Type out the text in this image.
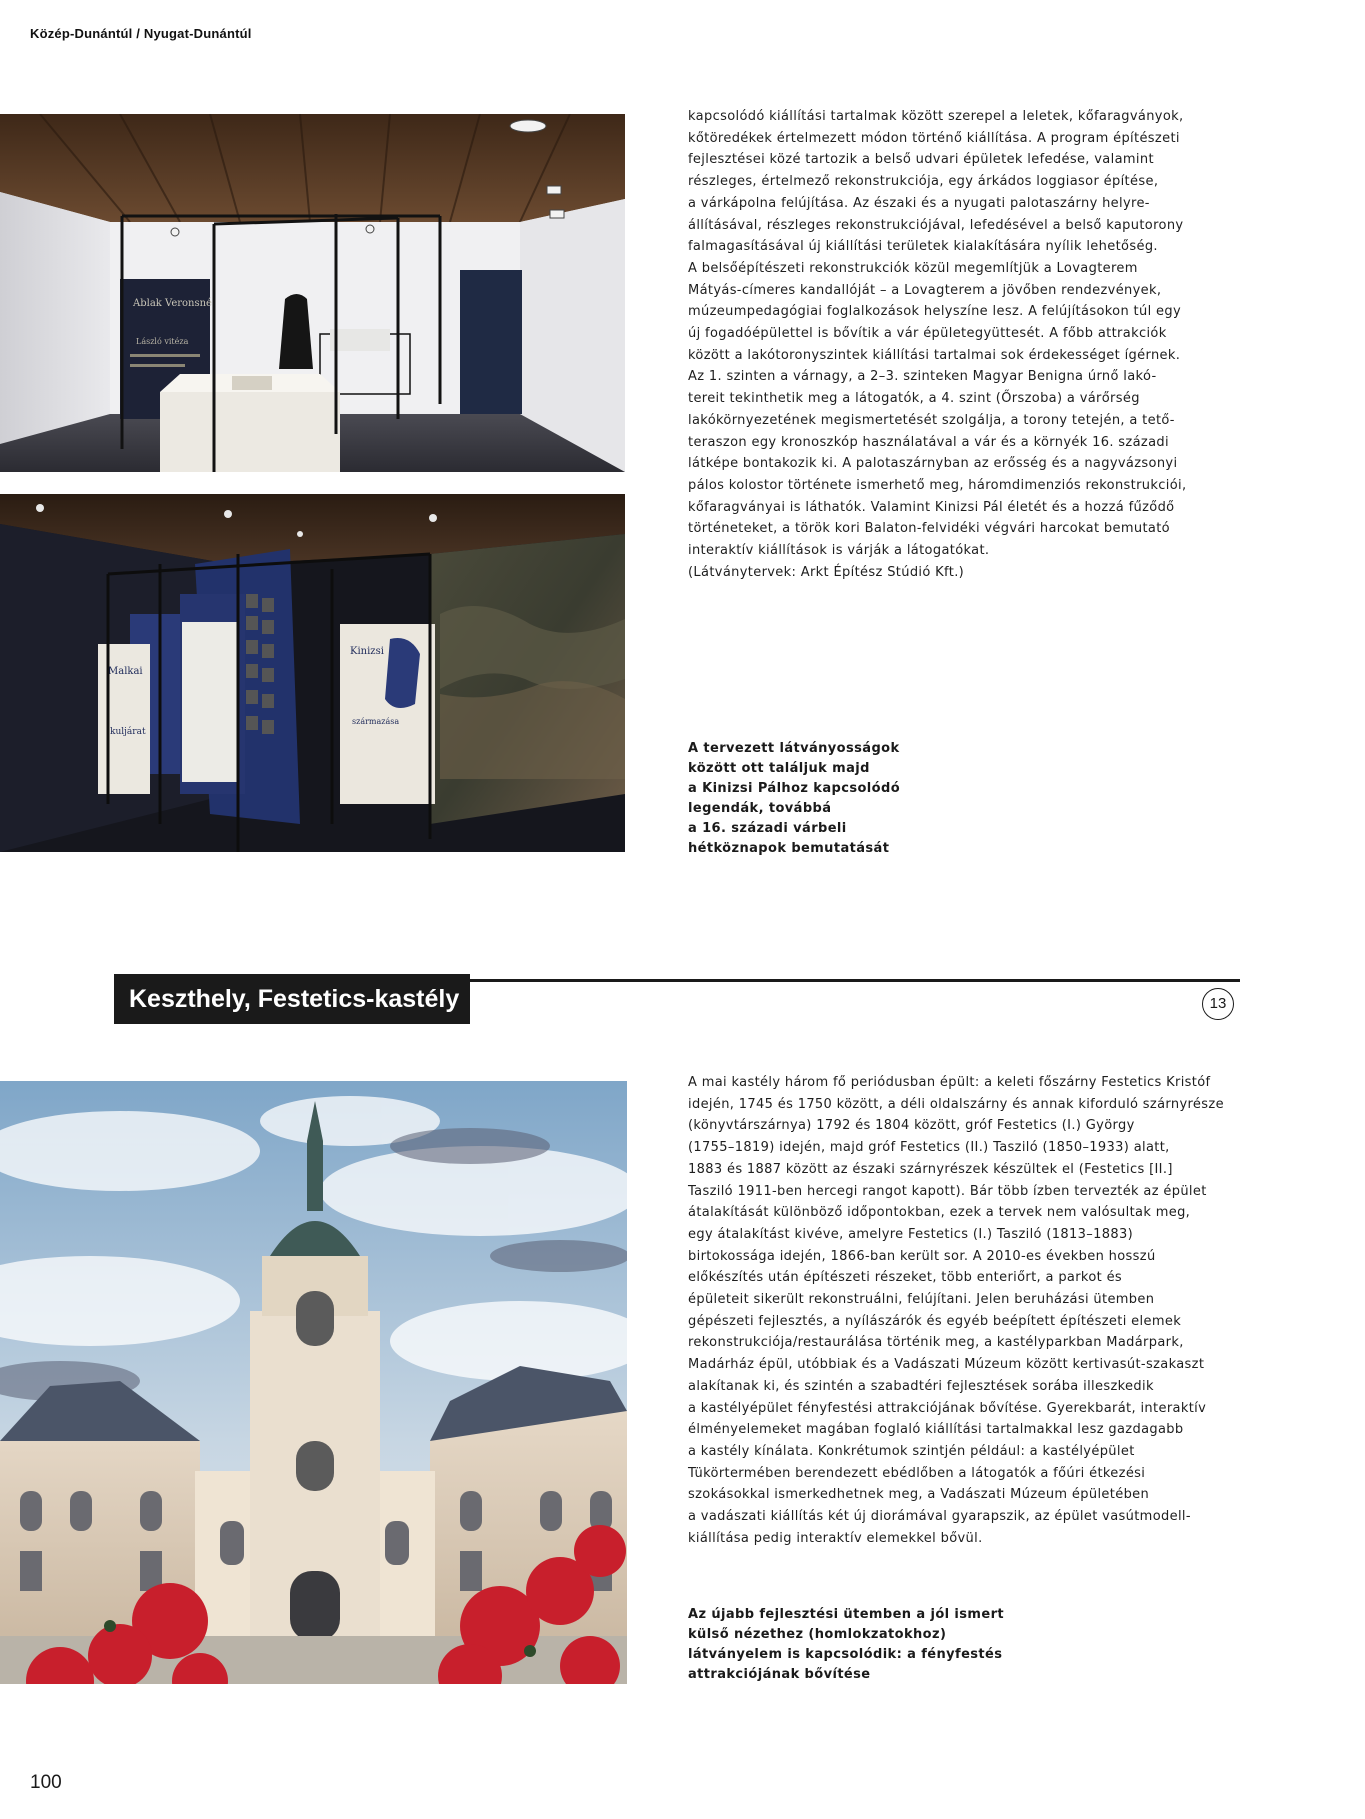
Közép-Dunántúl / Nyugat-Dunántúl
Ablak Veronsné
László vitéza
Malkai
kuljárat
Kinizsi
származása

kapcsolódó kiállítási tartalmak között szerepel a leletek, kőfaragványok,
kőtöredékek értelmezett módon történő kiállítása. A program építészeti
fejlesztései közé tartozik a belső udvari épületek lefedése, valamint
részleges, értelmező rekonstrukciója, egy árkádos loggiasor építése,
a várkápolna felújítása. Az északi és a nyugati palotaszárny helyre-
állításával, részleges rekonstrukciójával, lefedésével a belső kaputorony
falmagasításával új kiállítási területek kialakítására nyílik lehetőség.
A belsőépítészeti rekonstrukciók közül megemlítjük a Lovagterem
Mátyás-címeres kandallóját – a Lovagterem a jövőben rendezvények,
múzeumpedagógiai foglalkozások helyszíne lesz. A felújításokon túl egy
új fogadóépülettel is bővítik a vár épületegyüttesét. A főbb attrakciók
között a lakótoronyszintek kiállítási tartalmai sok érdekességet ígérnek.
Az 1. szinten a várnagy, a 2–3. szinteken Magyar Benigna úrnő lakó-
tereit tekinthetik meg a látogatók, a 4. szint (Őrszoba) a várőrség
lakókörnyezetének megismertetését szolgálja, a torony tetején, a tető-
teraszon egy kronoszkóp használatával a vár és a környék 16. századi
látképe bontakozik ki. A palotaszárnyban az erősség és a nagyvázsonyi
pálos kolostor története ismerhető meg, háromdimenziós rekonstrukciói,
kőfaragványai is láthatók. Valamint Kinizsi Pál életét és a hozzá fűződő
történeteket, a török kori Balaton-felvidéki végvári harcokat bemutató
interaktív kiállítások is várják a látogatókat.
(Látványtervek: Arkt Építész Stúdió Kft.)

A tervezett látványosságok
között ott találjuk majd
a Kinizsi Pálhoz kapcsolódó
legendák, továbbá
a 16. századi várbeli
hétköznapok bemutatását

Keszthely, Festetics-kastély	13

A mai kastély három fő periódusban épült: a keleti főszárny Festetics Kristóf
idején, 1745 és 1750 között, a déli oldalszárny és annak kiforduló szárnyrésze
(könyvtárszárnya) 1792 és 1804 között, gróf Festetics (I.) György
(1755–1819) idején, majd gróf Festetics (II.) Tasziló (1850–1933) alatt,
1883 és 1887 között az északi szárnyrészek készültek el (Festetics [II.]
Tasziló 1911-ben hercegi rangot kapott). Bár több ízben tervezték az épület
átalakítását különböző időpontokban, ezek a tervek nem valósultak meg,
egy átalakítást kivéve, amelyre Festetics (I.) Tasziló (1813–1883)
birtokossága idején, 1866-ban került sor. A 2010-es években hosszú
előkészítés után építészeti részeket, több enteriőrt, a parkot és
épületeit sikerült rekonstruálni, felújítani. Jelen beruházási ütemben
gépészeti fejlesztés, a nyílászárók és egyéb beépített építészeti elemek
rekonstrukciója/restaurálása történik meg, a kastélyparkban Madárpark,
Madárház épül, utóbbiak és a Vadászati Múzeum között kertivasút-szakaszt
alakítanak ki, és szintén a szabadtéri fejlesztések sorába illeszkedik
a kastélyépület fényfestési attrakciójának bővítése. Gyerekbarát, interaktív
élményelemeket magában foglaló kiállítási tartalmakkal lesz gazdagabb
a kastély kínálata. Konkrétumok szintjén például: a kastélyépület
Tükörtermében berendezett ebédlőben a látogatók a főúri étkezési
szokásokkal ismerkedhetnek meg, a Vadászati Múzeum épületében
a vadászati kiállítás két új diorámával gyarapszik, az épület vasútmodell-
kiállítása pedig interaktív elemekkel bővül.

Az újabb fejlesztési ütemben a jól ismert
külső nézethez (homlokzatokhoz)
látványelem is kapcsolódik: a fényfestés
attrakciójának bővítése

100
